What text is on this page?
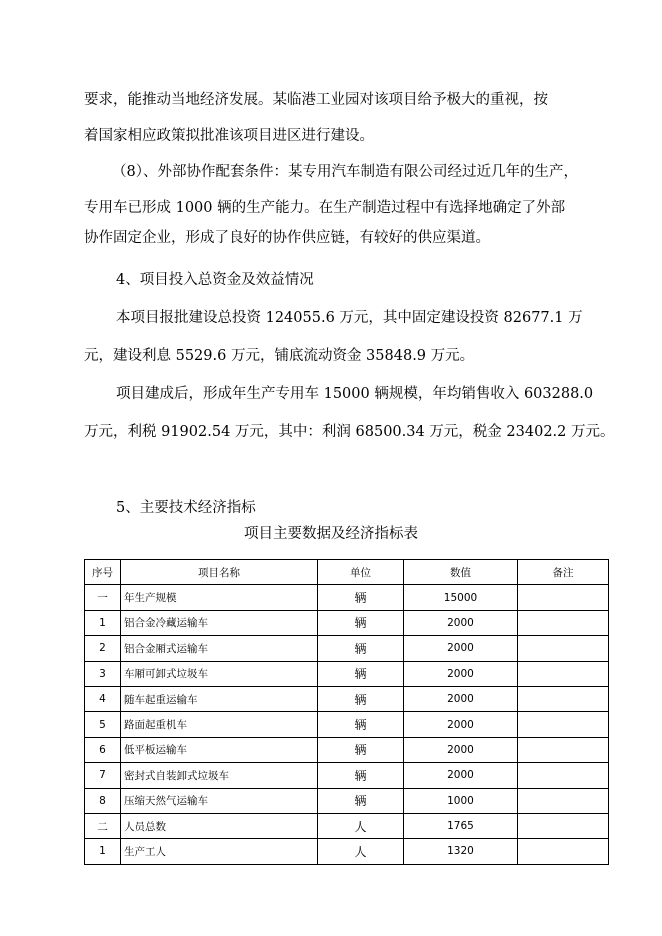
要求，能推动当地经济发展。某临港工业园对该项目给予极大的重视，按
着国家相应政策拟批准该项目进区进行建设。
（8）、外部协作配套条件：某专用汽车制造有限公司经过近几年的生产，
专用车已形成 1000 辆的生产能力。在生产制造过程中有选择地确定了外部
协作固定企业，形成了良好的协作供应链，有较好的供应渠道。
4、项目投入总资金及效益情况
本项目报批建设总投资 124055.6 万元，其中固定建设投资 82677.1 万
元，建设利息 5529.6 万元，铺底流动资金 35848.9 万元。
项目建成后，形成年生产专用车 15000 辆规模，年均销售收入 603288.0
万元，利税 91902.54 万元，其中：利润 68500.34 万元，税金 23402.2 万元。
5、主要技术经济指标
项目主要数据及经济指标表
序号	项目名称	单位	数值	备注
一	年生产规模	辆	15000	
1	铝合金冷藏运输车	辆	2000	
2	铝合金厢式运输车	辆	2000	
3	车厢可卸式垃圾车	辆	2000	
4	随车起重运输车	辆	2000	
5	路面起重机车	辆	2000	
6	低平板运输车	辆	2000	
7	密封式自装卸式垃圾车	辆	2000	
8	压缩天然气运输车	辆	1000	
二	人员总数	人	1765	
1	生产工人	人	1320	
